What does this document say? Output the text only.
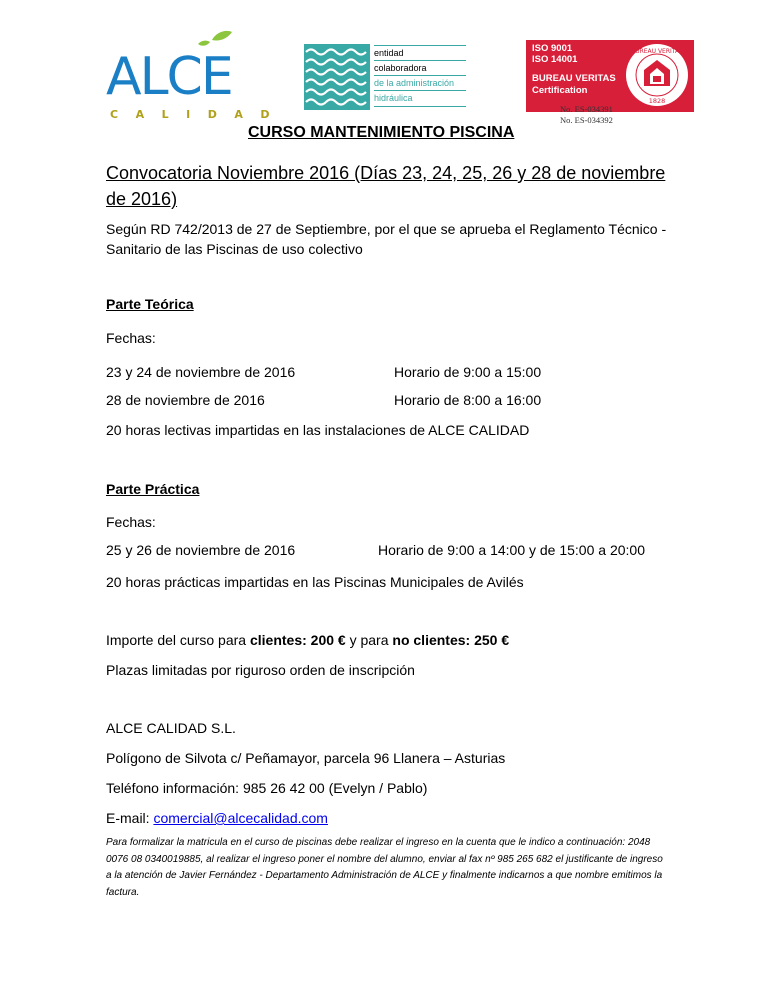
ALCE
CALIDAD
entidad
colaboradora
de la administración
hidráulica
ISO 9001
ISO 14001
BUREAU VERITAS
Certification
BUREAU VERITAS
1828
No. ES-034391
No. ES-034392
CURSO MANTENIMIENTO PISCINA

Convocatoria Noviembre 2016 (Días 23, 24, 25, 26 y 28 de noviembre de 2016)

Según RD 742/2013 de 27 de Septiembre, por el que se aprueba el Reglamento Técnico - Sanitario de las Piscinas de uso colectivo

Parte Teórica

Fechas:

23 y 24 de noviembre de 2016	Horario de 9:00 a 15:00

28 de noviembre de 2016	Horario de 8:00 a 16:00

20 horas lectivas impartidas en las instalaciones de ALCE CALIDAD

Parte Práctica

Fechas:

25 y 26 de noviembre de 2016	Horario de 9:00 a 14:00 y de 15:00 a 20:00

20 horas prácticas impartidas en las Piscinas Municipales de Avilés

Importe del curso para clientes: 200 € y para no clientes: 250 €

Plazas limitadas por riguroso orden de inscripción

ALCE CALIDAD S.L.

Polígono de Silvota c/ Peñamayor, parcela 96 Llanera – Asturias

Teléfono información: 985 26 42 00 (Evelyn / Pablo)

E-mail: comercial@alcecalidad.com

Para formalizar la matricula en el curso de piscinas debe realizar el ingreso en la cuenta que le indico a continuación: 2048 0076 08 0340019885, al realizar el ingreso poner el nombre del alumno, enviar al fax nº 985 265 682 el justificante de ingreso a la atención de Javier Fernández - Departamento Administración de ALCE y finalmente indicarnos a que nombre emitimos la factura.
